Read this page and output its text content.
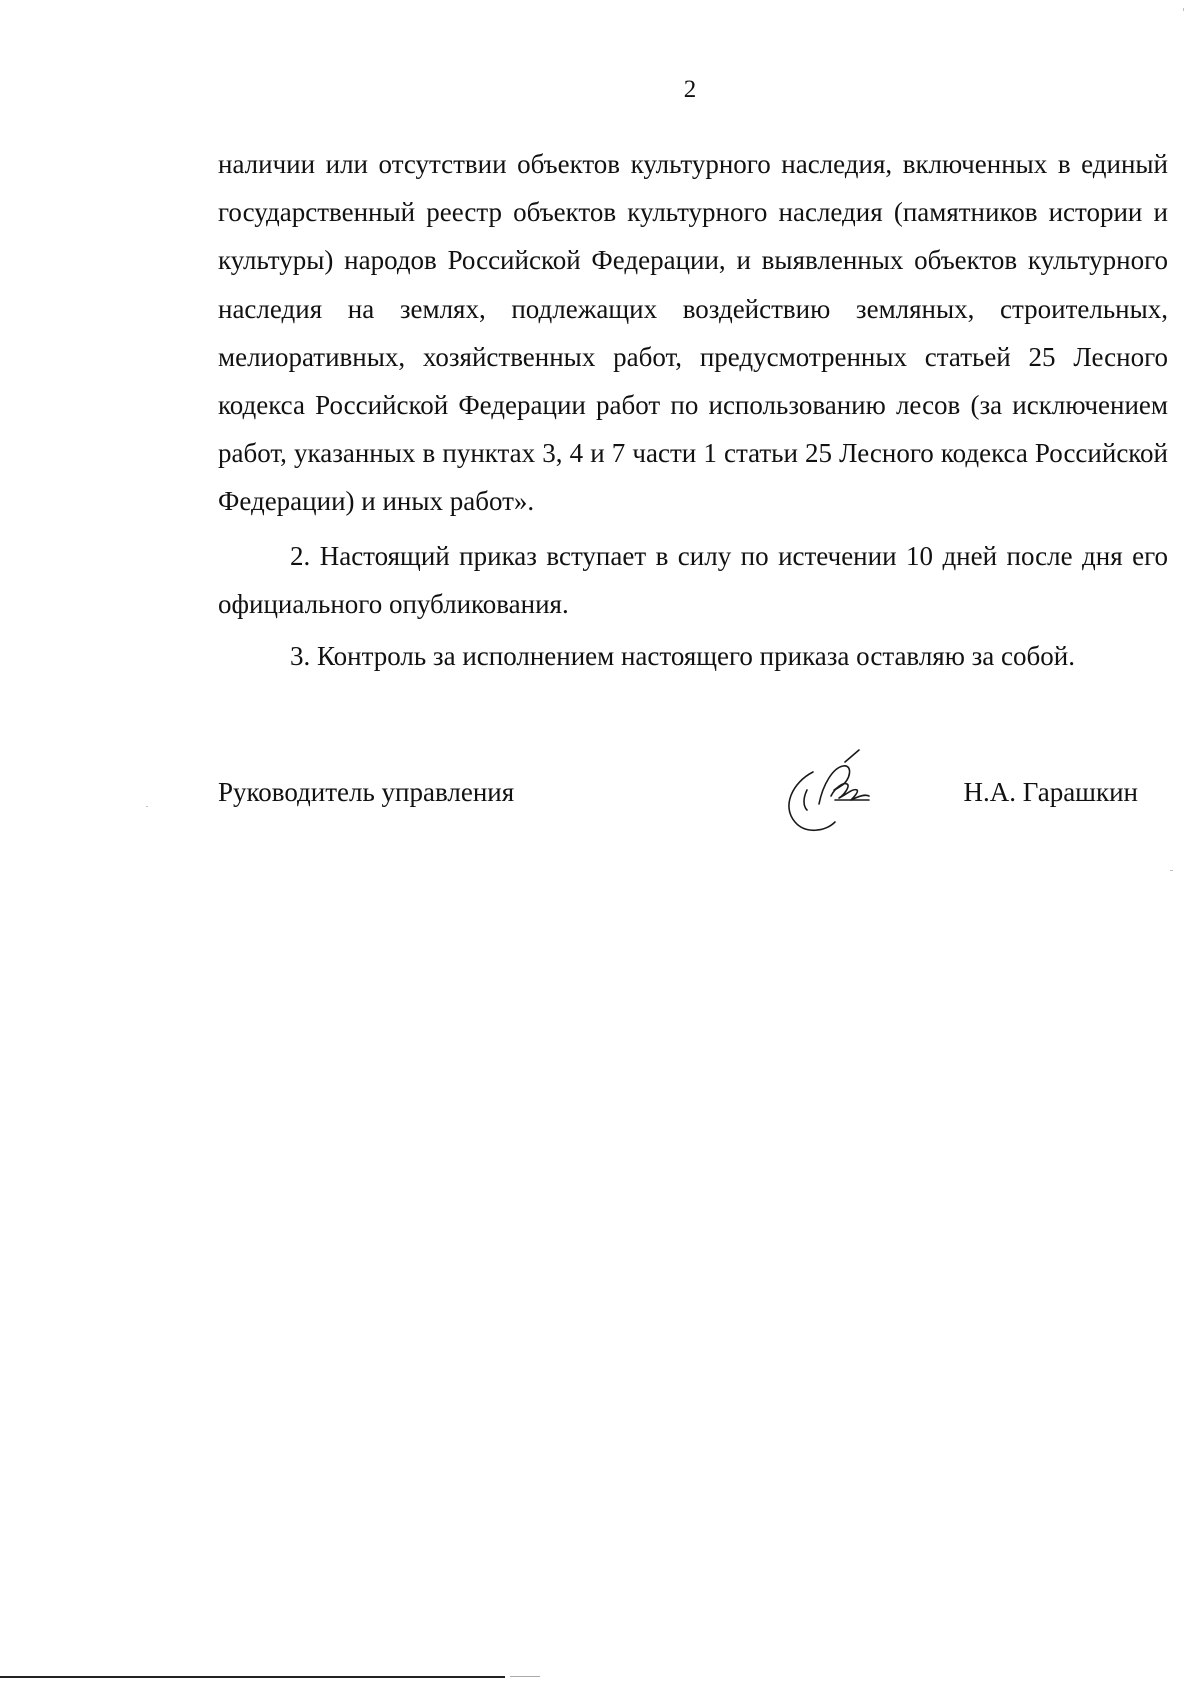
2

наличии или отсутствии объектов культурного наследия, включенных в единый государственный реестр объектов культурного наследия (памятников истории и культуры) народов Российской Федерации, и выявленных объектов культурного наследия на землях, подлежащих воздействию земляных, строительных, мелиоративных, хозяйственных работ, предусмотренных статьей 25 Лесного кодекса Российской Федерации работ по использованию лесов (за исключением работ, указанных в пунктах 3, 4 и 7 части 1 статьи 25 Лесного кодекса Российской Федерации) и иных работ».

2. Настоящий приказ вступает в силу по истечении 10 дней после дня его официального опубликования.

3. Контроль за исполнением настоящего приказа оставляю за собой.

Руководитель управления	Н.А. Гарашкин
